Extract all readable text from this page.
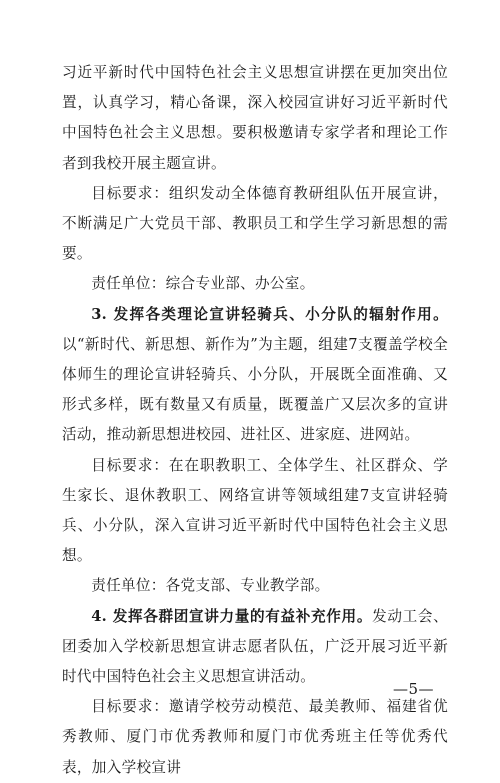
习近平新时代中国特色社会主义思想宣讲摆在更加突出位置，认真学习，精心备课，深入校园宣讲好习近平新时代中国特色社会主义思想。要积极邀请专家学者和理论工作者到我校开展主题宣讲。

目标要求：组织发动全体德育教研组队伍开展宣讲，不断满足广大党员干部、教职员工和学生学习新思想的需要。

责任单位：综合专业部、办公室。

3. 发挥各类理论宣讲轻骑兵、小分队的辐射作用。以“新时代、新思想、新作为”为主题，组建7支覆盖学校全体师生的理论宣讲轻骑兵、小分队，开展既全面准确、又形式多样，既有数量又有质量，既覆盖广又层次多的宣讲活动，推动新思想进校园、进社区、进家庭、进网站。

目标要求：在在职教职工、全体学生、社区群众、学生家长、退休教职工、网络宣讲等领域组建7支宣讲轻骑兵、小分队，深入宣讲习近平新时代中国特色社会主义思想。

责任单位：各党支部、专业教学部。

4. 发挥各群团宣讲力量的有益补充作用。发动工会、团委加入学校新思想宣讲志愿者队伍，广泛开展习近平新时代中国特色社会主义思想宣讲活动。

目标要求：邀请学校劳动模范、最美教师、福建省优秀教师、厦门市优秀教师和厦门市优秀班主任等优秀代表，加入学校宣讲

—5—
